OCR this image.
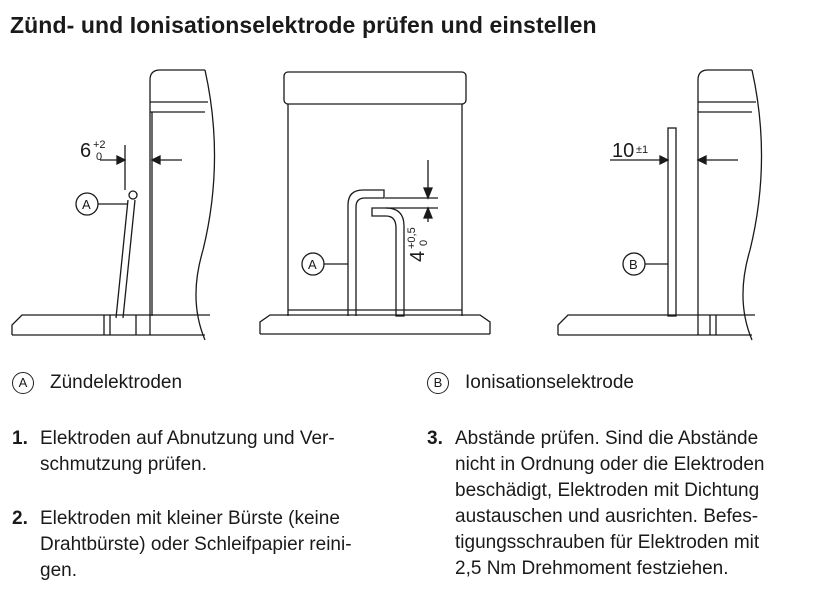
Zünd- und Ionisationselektrode prüfen und einstellen
6 +2
0	10 ±1
4
+0,5 0
A
A	B
A	Zündelektroden	B	Ionisationselektrode
1. Elektroden auf Abnutzung und Ver-
schmutzung prüfen.
2. Elektroden mit kleiner Bürste (keine
Drahtbürste) oder Schleifpapier reini-
gen.
3. Abstände prüfen. Sind die Abstände
nicht in Ordnung oder die Elektroden
beschädigt, Elektroden mit Dichtung
austauschen und ausrichten. Befes-
tigungsschrauben für Elektroden mit
2,5 Nm Drehmoment festziehen.
